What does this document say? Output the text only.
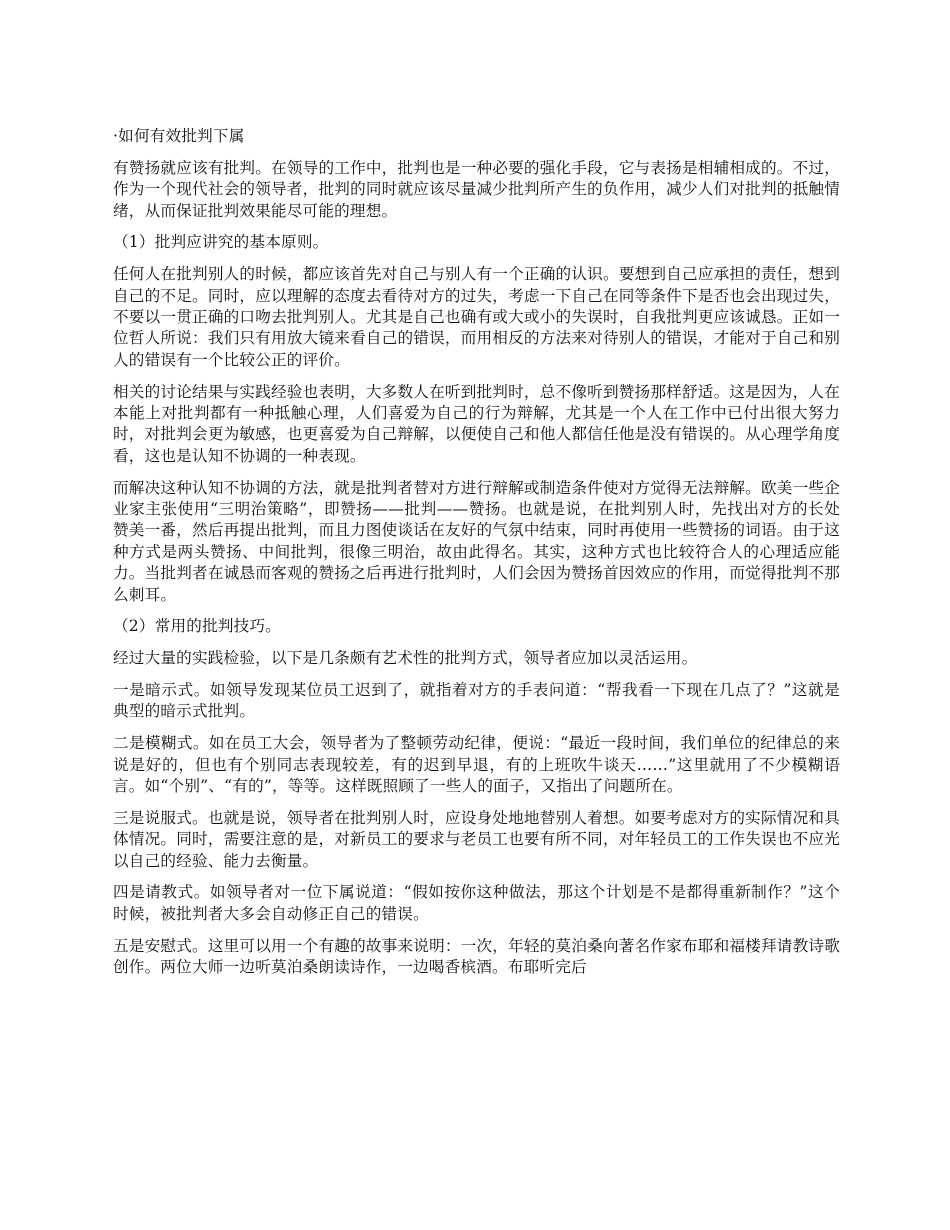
·如何有效批判下属

有赞扬就应该有批判。在领导的工作中，批判也是一种必要的强化手段，它与表扬是相辅相成的。不过，作为一个现代社会的领导者，批判的同时就应该尽量减少批判所产生的负作用，减少人们对批判的抵触情绪，从而保证批判效果能尽可能的理想。

（1）批判应讲究的基本原则。

任何人在批判别人的时候，都应该首先对自己与别人有一个正确的认识。要想到自己应承担的责任，想到自己的不足。同时，应以理解的态度去看待对方的过失，考虑一下自己在同等条件下是否也会出现过失，不要以一贯正确的口吻去批判别人。尤其是自己也确有或大或小的失误时，自我批判更应该诚恳。正如一位哲人所说：我们只有用放大镜来看自己的错误，而用相反的方法来对待别人的错误，才能对于自己和别人的错误有一个比较公正的评价。

相关的讨论结果与实践经验也表明，大多数人在听到批判时，总不像听到赞扬那样舒适。这是因为，人在本能上对批判都有一种抵触心理，人们喜爱为自己的行为辩解，尤其是一个人在工作中已付出很大努力时，对批判会更为敏感，也更喜爱为自己辩解，以便使自己和他人都信任他是没有错误的。从心理学角度看，这也是认知不协调的一种表现。

而解决这种认知不协调的方法，就是批判者替对方进行辩解或制造条件使对方觉得无法辩解。欧美一些企业家主张使用“三明治策略”，即赞扬——批判——赞扬。也就是说，在批判别人时，先找出对方的长处赞美一番，然后再提出批判，而且力图使谈话在友好的气氛中结束，同时再使用一些赞扬的词语。由于这种方式是两头赞扬、中间批判，很像三明治，故由此得名。其实，这种方式也比较符合人的心理适应能力。当批判者在诚恳而客观的赞扬之后再进行批判时，人们会因为赞扬首因效应的作用，而觉得批判不那么刺耳。

（2）常用的批判技巧。

经过大量的实践检验，以下是几条颇有艺术性的批判方式，领导者应加以灵活运用。

一是暗示式。如领导发现某位员工迟到了，就指着对方的手表问道：“帮我看一下现在几点了？”这就是典型的暗示式批判。

二是模糊式。如在员工大会，领导者为了整顿劳动纪律，便说：“最近一段时间，我们单位的纪律总的来说是好的，但也有个别同志表现较差，有的迟到早退，有的上班吹牛谈天……”这里就用了不少模糊语言。如“个别”、“有的”，等等。这样既照顾了一些人的面子，又指出了问题所在。

三是说服式。也就是说，领导者在批判别人时，应设身处地地替别人着想。如要考虑对方的实际情况和具体情况。同时，需要注意的是，对新员工的要求与老员工也要有所不同，对年轻员工的工作失误也不应光以自己的经验、能力去衡量。

四是请教式。如领导者对一位下属说道：“假如按你这种做法，那这个计划是不是都得重新制作？”这个时候，被批判者大多会自动修正自己的错误。

五是安慰式。这里可以用一个有趣的故事来说明：一次，年轻的莫泊桑向著名作家布耶和福楼拜请教诗歌创作。两位大师一边听莫泊桑朗读诗作，一边喝香槟酒。布耶听完后
